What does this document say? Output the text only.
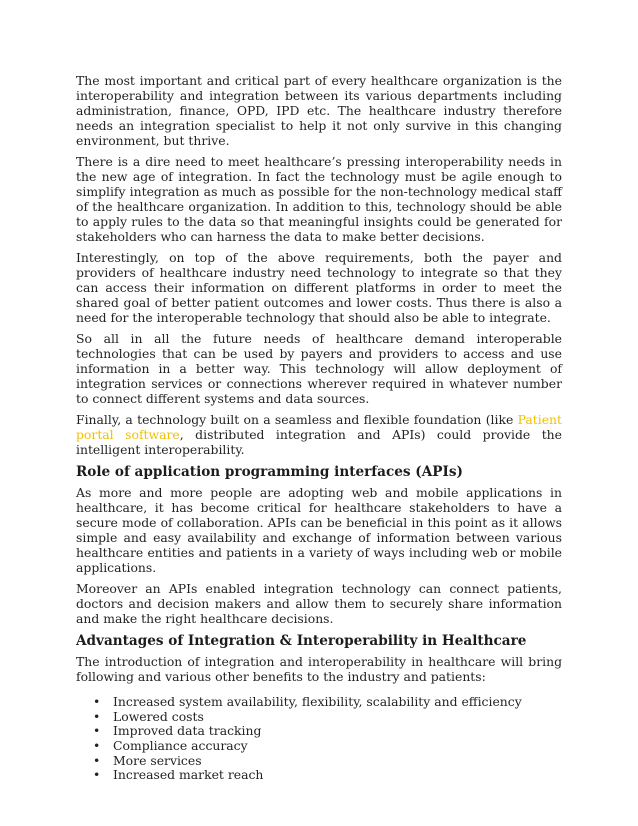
The most important and critical part of every healthcare organization is the interoperability and integration between its various departments including administration, finance, OPD, IPD etc. The healthcare industry therefore needs an integration specialist to help it not only survive in this changing environment, but thrive.

There is a dire need to meet healthcare’s pressing interoperability needs in the new age of integration. In fact the technology must be agile enough to simplify integration as much as possible for the non-technology medical staff of the healthcare organization. In addition to this, technology should be able to apply rules to the data so that meaningful insights could be generated for stakeholders who can harness the data to make better decisions.

Interestingly, on top of the above requirements, both the payer and providers of healthcare industry need technology to integrate so that they can access their information on different platforms in order to meet the shared goal of better patient outcomes and lower costs. Thus there is also a need for the interoperable technology that should also be able to integrate.

So all in all the future needs of healthcare demand interoperable technologies that can be used by payers and providers to access and use information in a better way. This technology will allow deployment of integration services or connections wherever required in whatever number to connect different systems and data sources.

Finally, a technology built on a seamless and flexible foundation (like Patient portal software, distributed integration and APIs) could provide the intelligent interoperability.

Role of application programming interfaces (APIs)

As more and more people are adopting web and mobile applications in healthcare, it has become critical for healthcare stakeholders to have a secure mode of collaboration. APIs can be beneficial in this point as it allows simple and easy availability and exchange of information between various healthcare entities and patients in a variety of ways including web or mobile applications.

Moreover an APIs enabled integration technology can connect patients, doctors and decision makers and allow them to securely share information and make the right healthcare decisions.

Advantages of Integration & Interoperability in Healthcare

The introduction of integration and interoperability in healthcare will bring following and various other benefits to the industry and patients:

• Increased system availability, flexibility, scalability and efficiency
• Lowered costs
• Improved data tracking
• Compliance accuracy
• More services
• Increased market reach
